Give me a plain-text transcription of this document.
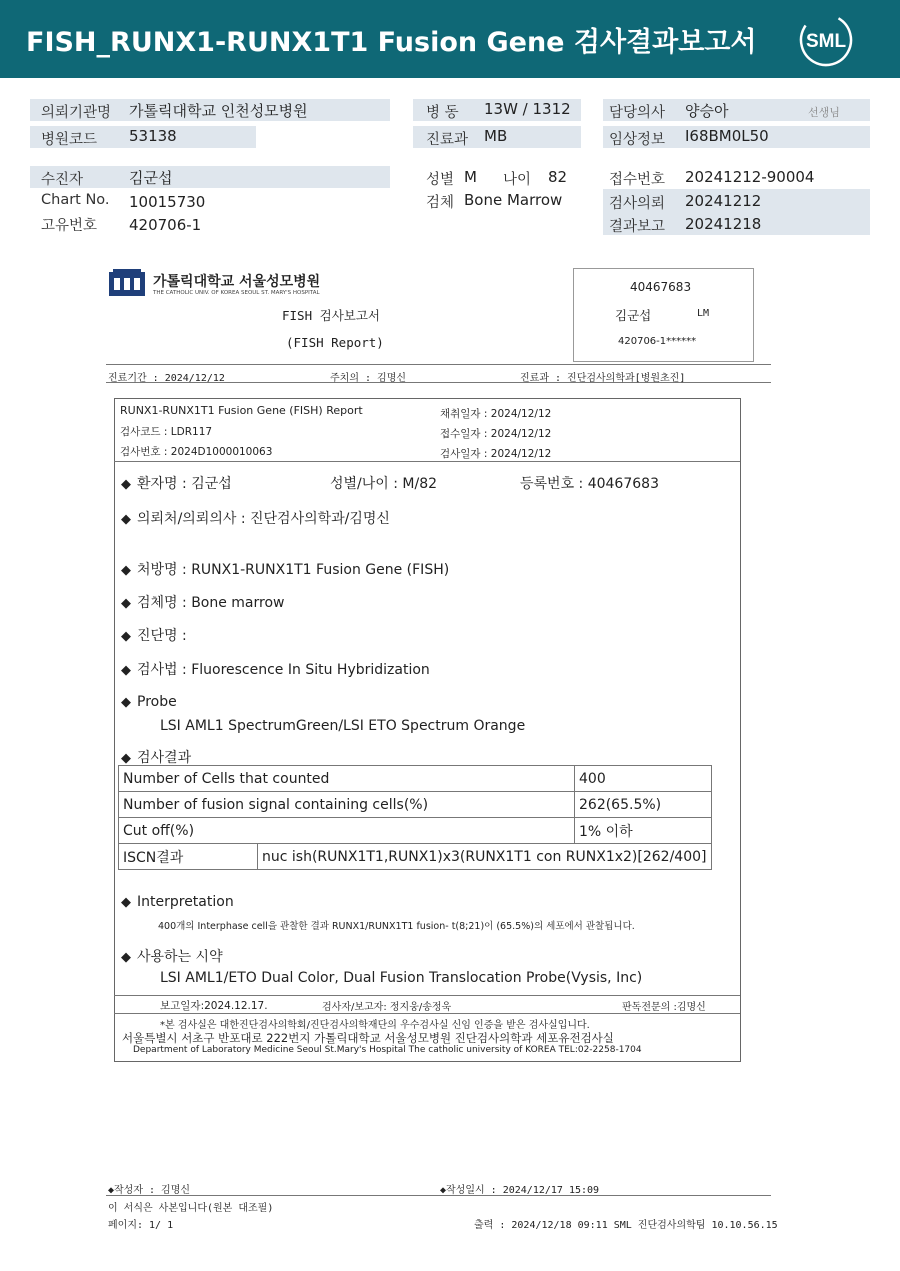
FISH_RUNX1-RUNX1T1 Fusion Gene 검사결과보고서	SML
의뢰기관명 가톨릭대학교 인천성모병원
병원코드 53138
병 동 13W / 1312
진료과 MB
담당의사 양승아	선생님
임상정보 I68BM0L50
수진자	김군섭
Chart No. 10015730
고유번호 420706-1
성별 M 나이 82
검체 Bone Marrow
접수번호 20241212-90004
검사의뢰 20241212
결과보고 20241218
가톨릭대학교 서울성모병원
THE CATHOLIC UNIV. OF KOREA SEOUL ST. MARY'S HOSPITAL
FISH 검사보고서
(FISH Report)
40467683
김군섭	LM
420706-1******
진료기간 : 2024/12/12	주치의 : 김명신	진료과 : 진단검사의학과[병원초진]
RUNX1-RUNX1T1 Fusion Gene (FISH) Report
검사코드 : LDR117
검사번호 : 2024D1000010063
채취일자 : 2024/12/12
접수일자 : 2024/12/12
검사일자 : 2024/12/12
◆ 환자명 : 김군섭	성별/나이 : M/82	등록번호 : 40467683
◆ 의뢰처/의뢰의사 : 진단검사의학과/김명신
◆ 처방명 : RUNX1-RUNX1T1 Fusion Gene (FISH)
◆ 검체명 : Bone marrow
◆ 진단명 :
◆ 검사법 : Fluorescence In Situ Hybridization
◆ Probe
LSI AML1 SpectrumGreen/LSI ETO Spectrum Orange
◆ 검사결과
Number of Cells that counted		400
Number of fusion signal containing cells(%)		262(65.5%)
Cut off(%)		1% 이하
ISCN결과	nuc ish(RUNX1T1,RUNX1)x3(RUNX1T1 con RUNX1x2)[262/400]	
◆ Interpretation
400개의 Interphase cell을 관찰한 결과 RUNX1/RUNX1T1 fusion- t(8;21)이 (65.5%)의 세포에서 관찰됩니다.
◆ 사용하는 시약
LSI AML1/ETO Dual Color, Dual Fusion Translocation Probe(Vysis, Inc)
보고일자:2024.12.17.	검사자/보고자: 정지웅/송정욱	판독전문의 :김명신
*본 검사실은 대한진단검사의학회/진단검사의학재단의 우수검사실 신임 인증을 받은 검사실입니다.
서울특별시 서초구 반포대로 222번지 가톨릭대학교 서울성모병원 진단검사의학과 세포유전검사실
Department of Laboratory Medicine Seoul St.Mary's Hospital The catholic university of KOREA TEL:02-2258-1704
◆작성자 : 김명신	◆작성일시 : 2024/12/17 15:09
이 서식은 사본입니다(원본 대조필)
페이지: 1/ 1	출력 : 2024/12/18 09:11 SML 진단검사의학팀 10.10.56.15
